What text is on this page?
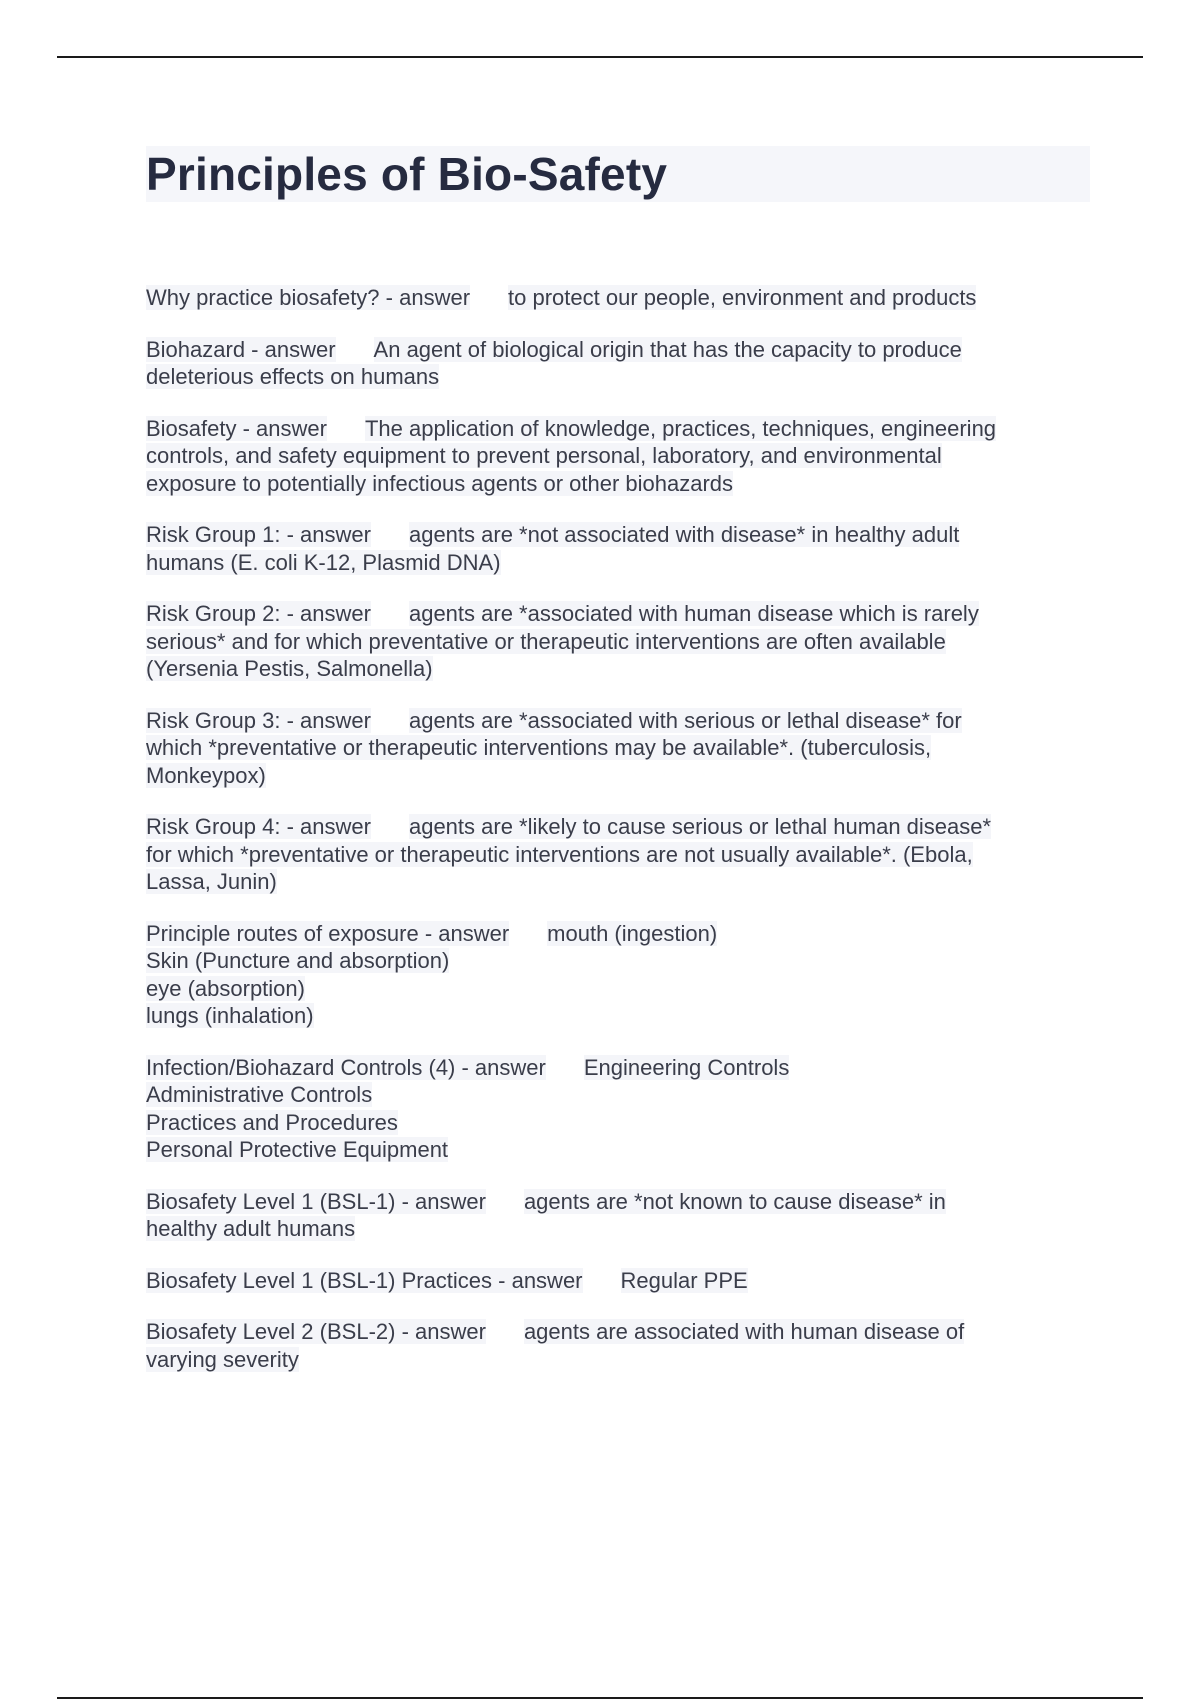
Principles of Bio-Safety
Why practice biosafety? - answer to protect our people, environment and products
Biohazard - answer An agent of biological origin that has the capacity to produce
deleterious effects on humans
Biosafety - answer The application of knowledge, practices, techniques, engineering
controls, and safety equipment to prevent personal, laboratory, and environmental
exposure to potentially infectious agents or other biohazards
Risk Group 1: - answer agents are *not associated with disease* in healthy adult
humans (E. coli K-12, Plasmid DNA)
Risk Group 2: - answer agents are *associated with human disease which is rarely
serious* and for which preventative or therapeutic interventions are often available
(Yersenia Pestis, Salmonella)
Risk Group 3: - answer agents are *associated with serious or lethal disease* for
which *preventative or therapeutic interventions may be available*. (tuberculosis,
Monkeypox)
Risk Group 4: - answer agents are *likely to cause serious or lethal human disease*
for which *preventative or therapeutic interventions are not usually available*. (Ebola,
Lassa, Junin)
Principle routes of exposure - answer mouth (ingestion)
Skin (Puncture and absorption)
eye (absorption)
lungs (inhalation)
Infection/Biohazard Controls (4) - answer Engineering Controls
Administrative Controls
Practices and Procedures
Personal Protective Equipment
Biosafety Level 1 (BSL-1) - answer agents are *not known to cause disease* in
healthy adult humans
Biosafety Level 1 (BSL-1) Practices - answer Regular PPE
Biosafety Level 2 (BSL-2) - answer agents are associated with human disease of
varying severity
